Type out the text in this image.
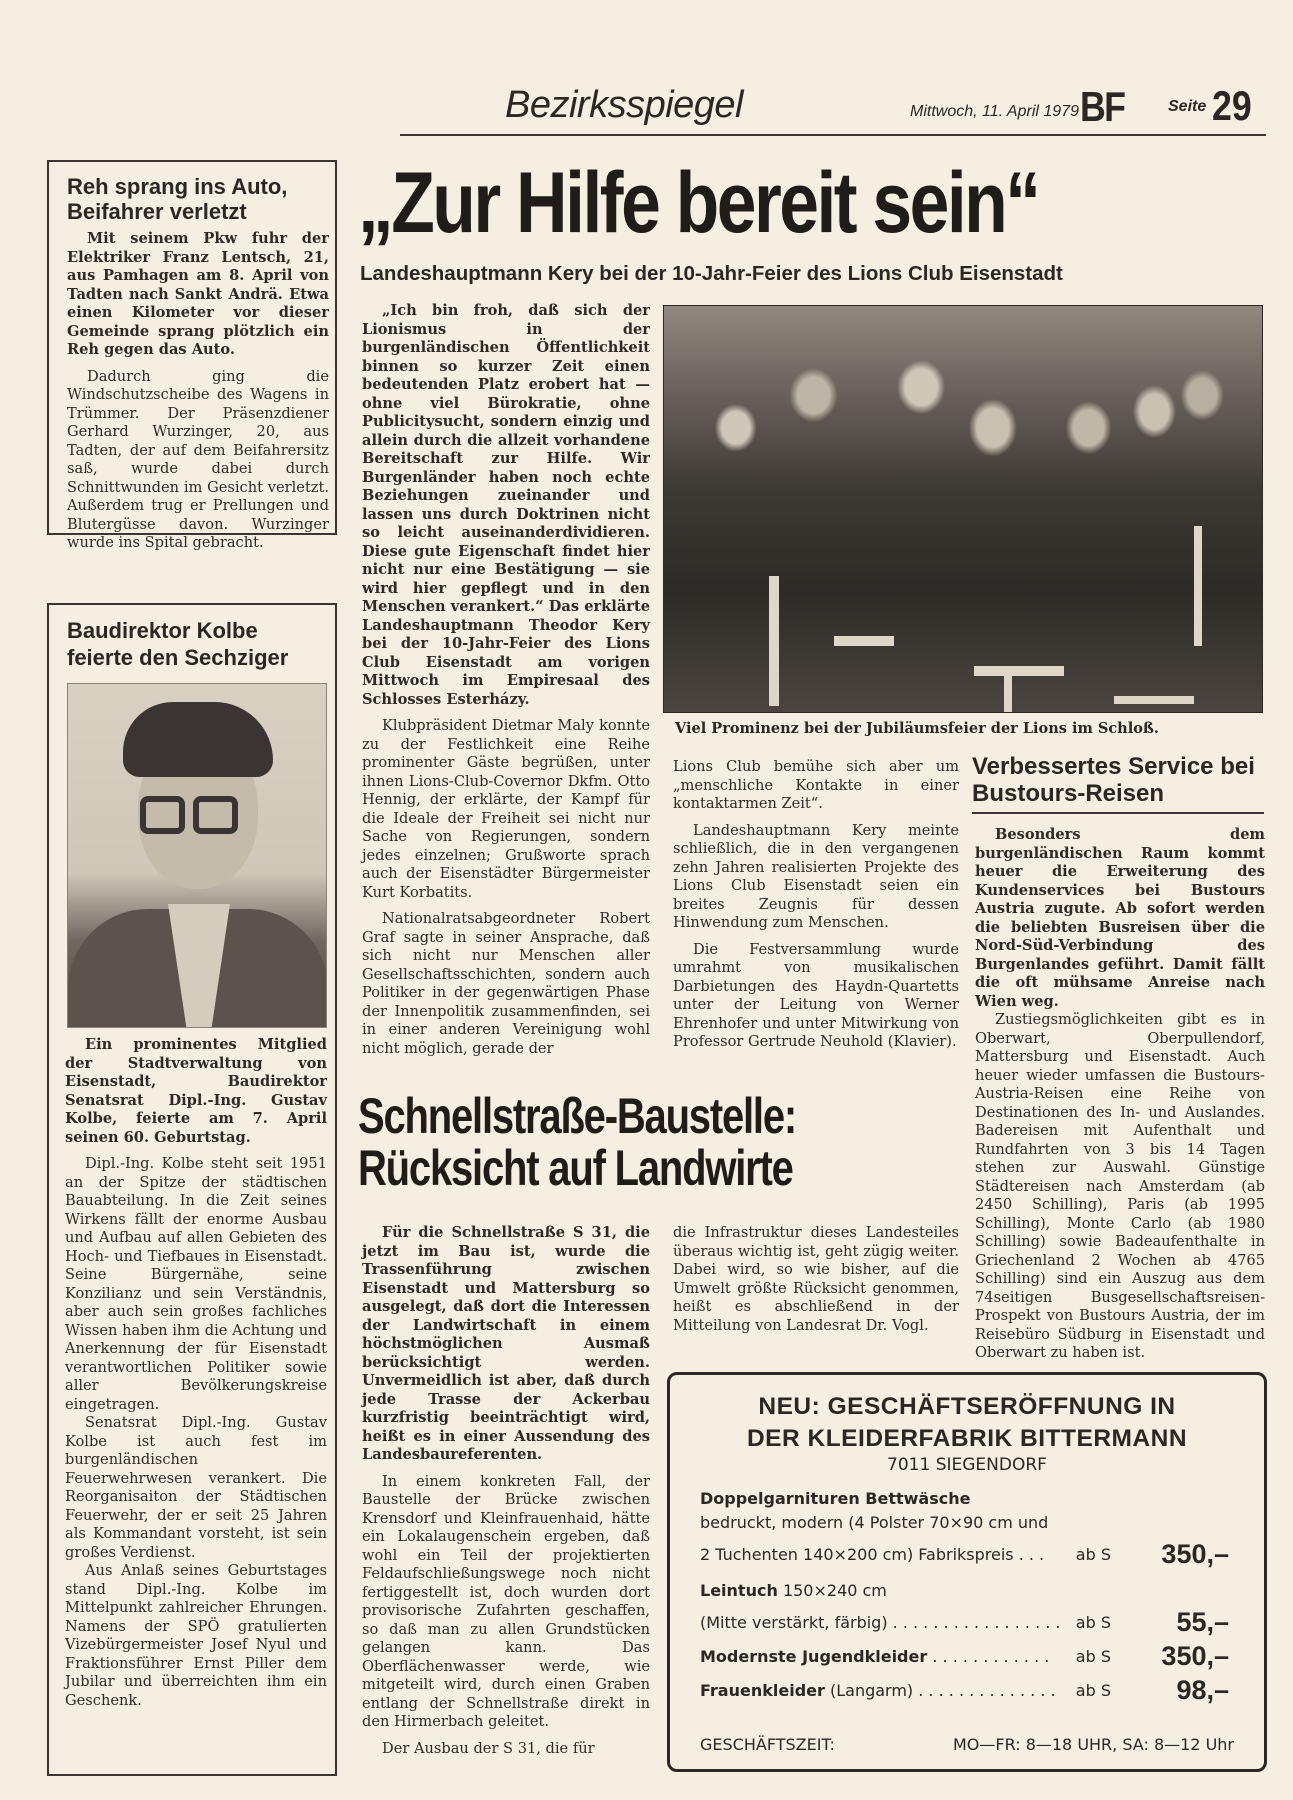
Bezirksspiegel	Mittwoch, 11. April 1979 BF	Seite 29
Reh sprang ins Auto, Beifahrer verletzt

Mit seinem Pkw fuhr der Elektriker Franz Lentsch, 21, aus Pamhagen am 8. April von Tadten nach Sankt Andrä. Etwa einen Kilometer vor dieser Gemeinde sprang plötzlich ein Reh gegen das Auto.

Dadurch ging die Windschutzscheibe des Wagens in Trümmer. Der Präsenzdiener Gerhard Wurzinger, 20, aus Tadten, der auf dem Beifahrersitz saß, wurde dabei durch Schnittwunden im Gesicht verletzt. Außerdem trug er Prellungen und Blutergüsse davon. Wurzinger wurde ins Spital gebracht.

Baudirektor Kolbe feierte den Sechziger

Ein prominentes Mitglied der Stadtverwaltung von Eisenstadt, Baudirektor Senatsrat Dipl.-Ing. Gustav Kolbe, feierte am 7. April seinen 60. Geburtstag.

Dipl.-Ing. Kolbe steht seit 1951 an der Spitze der städtischen Bauabteilung. In die Zeit seines Wirkens fällt der enorme Ausbau und Aufbau auf allen Gebieten des Hoch- und Tiefbaues in Eisenstadt. Seine Bürgernähe, seine Konzilianz und sein Verständnis, aber auch sein großes fachliches Wissen haben ihm die Achtung und Anerkennung der für Eisenstadt verantwortlichen Politiker sowie aller Bevölkerungskreise eingetragen.

Senatsrat Dipl.-Ing. Gustav Kolbe ist auch fest im burgenländischen Feuerwehrwesen verankert. Die Reorganisaiton der Städtischen Feuerwehr, der er seit 25 Jahren als Kommandant vorsteht, ist sein großes Verdienst.

Aus Anlaß seines Geburtstages stand Dipl.-Ing. Kolbe im Mittelpunkt zahlreicher Ehrungen. Namens der SPÖ gratulierten Vizebürgermeister Josef Nyul und Fraktionsführer Ernst Piller dem Jubilar und überreichten ihm ein Geschenk.

„Zur Hilfe bereit sein“
Landeshauptmann Kery bei der 10-Jahr-Feier des Lions Club Eisenstadt

„Ich bin froh, daß sich der Lionismus in der burgenländischen Öffentlichkeit binnen so kurzer Zeit einen bedeutenden Platz erobert hat — ohne viel Bürokratie, ohne Publicitysucht, sondern einzig und allein durch die allzeit vorhandene Bereitschaft zur Hilfe. Wir Burgenländer haben noch echte Beziehungen zueinander und lassen uns durch Doktrinen nicht so leicht auseinanderdividieren. Diese gute Eigenschaft findet hier nicht nur eine Bestätigung — sie wird hier gepflegt und in den Menschen verankert.“ Das erklärte Landeshauptmann Theodor Kery bei der 10-Jahr-Feier des Lions Club Eisenstadt am vorigen Mittwoch im Empiresaal des Schlosses Esterházy.

Klubpräsident Dietmar Maly konnte zu der Festlichkeit eine Reihe prominenter Gäste begrüßen, unter ihnen Lions-Club-Covernor Dkfm. Otto Hennig, der erklärte, der Kampf für die Ideale der Freiheit sei nicht nur Sache von Regierungen, sondern jedes einzelnen; Grußworte sprach auch der Eisenstädter Bürgermeister Kurt Korbatits.

Nationalratsabgeordneter Robert Graf sagte in seiner Ansprache, daß sich nicht nur Menschen aller Gesellschaftsschichten, sondern auch Politiker in der gegenwärtigen Phase der Innenpolitik zusammenfinden, sei in einer anderen Vereinigung wohl nicht möglich, gerade der

Viel Prominenz bei der Jubiläumsfeier der Lions im Schloß.

Lions Club bemühe sich aber um „menschliche Kontakte in einer kontaktarmen Zeit“.

Landeshauptmann Kery meinte schließlich, die in den vergangenen zehn Jahren realisierten Projekte des Lions Club Eisenstadt seien ein breites Zeugnis für dessen Hinwendung zum Menschen.

Die Festversammlung wurde umrahmt von musikalischen Darbietungen des Haydn-Quartetts unter der Leitung von Werner Ehrenhofer und unter Mitwirkung von Professor Gertrude Neuhold (Klavier).

Verbessertes Service bei Bustours-Reisen

Besonders dem burgenländischen Raum kommt heuer die Erweiterung des Kundenservices bei Bustours Austria zugute. Ab sofort werden die beliebten Busreisen über die Nord-Süd-Verbindung des Burgenlandes geführt. Damit fällt die oft mühsame Anreise nach Wien weg.

Zustiegsmöglichkeiten gibt es in Oberwart, Oberpullendorf, Mattersburg und Eisenstadt. Auch heuer wieder umfassen die Bustours-Austria-Reisen eine Reihe von Destinationen des In- und Auslandes. Badereisen mit Aufenthalt und Rundfahrten von 3 bis 14 Tagen stehen zur Auswahl. Günstige Städtereisen nach Amsterdam (ab 2450 Schilling), Paris (ab 1995 Schilling), Monte Carlo (ab 1980 Schilling) sowie Badeaufenthalte in Griechenland 2 Wochen ab 4765 Schilling) sind ein Auszug aus dem 74seitigen Busgesellschaftsreisen-Prospekt von Bustours Austria, der im Reisebüro Südburg in Eisenstadt und Oberwart zu haben ist.

Schnellstraße-Baustelle:
Rücksicht auf Landwirte

Für die Schnellstraße S 31, die jetzt im Bau ist, wurde die Trassenführung zwischen Eisenstadt und Mattersburg so ausgelegt, daß dort die Interessen der Landwirtschaft in einem höchstmöglichen Ausmaß berücksichtigt werden. Unvermeidlich ist aber, daß durch jede Trasse der Ackerbau kurzfristig beeinträchtigt wird, heißt es in einer Aussendung des Landesbaureferenten.

In einem konkreten Fall, der Baustelle der Brücke zwischen Krensdorf und Kleinfrauenhaid, hätte ein Lokalaugenschein ergeben, daß wohl ein Teil der projektierten Feldaufschließungswege noch nicht fertiggestellt ist, doch wurden dort provisorische Zufahrten geschaffen, so daß man zu allen Grundstücken gelangen kann. Das Oberflächenwasser werde, wie mitgeteilt wird, durch einen Graben entlang der Schnellstraße direkt in den Hirmerbach geleitet.

Der Ausbau der S 31, die für

die Infrastruktur dieses Landesteiles überaus wichtig ist, geht zügig weiter. Dabei wird, so wie bisher, auf die Umwelt größte Rücksicht genommen, heißt es abschließend in der Mitteilung von Landesrat Dr. Vogl.

NEU: GESCHÄFTSERÖFFNUNG IN
DER KLEIDERFABRIK BITTERMANN
7011 SIEGENDORF
Doppelgarnituren Bettwäsche
bedruckt, modern (4 Polster 70×90 cm und
2 Tuchenten 140×200 cm) Fabrikspreis . . . ab S 350,–
Leintuch 150×240 cm
(Mitte verstärkt, färbig) . . . . . . . . . . . . . . . . . ab S 55,–
Modernste Jugendkleider . . . . . . . . . . . . ab S 350,–
Frauenkleider (Langarm) . . . . . . . . . . . . . . ab S 98,–
GESCHÄFTSZEIT:	MO—FR: 8—18 UHR, SA: 8—12 Uhr
